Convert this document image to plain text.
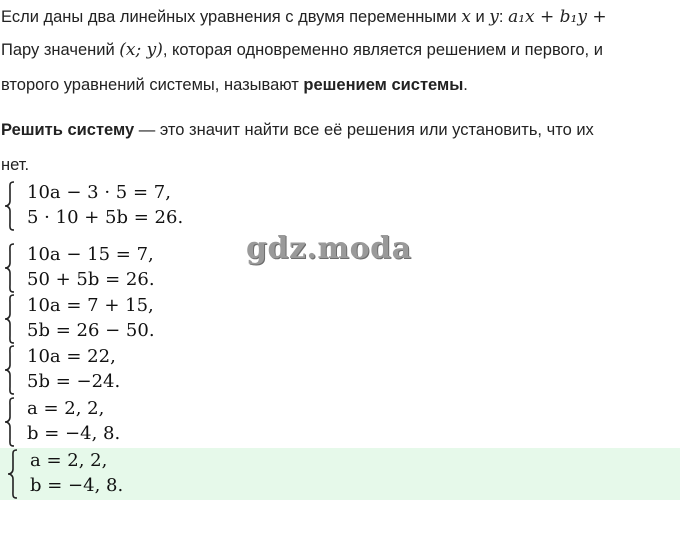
Если даны два линейных уравнения с двумя переменными x и y: a₁x + b₁y +
Пару значений (x; y), которая одновременно является решением и первого, и
второго уравнений системы, называют решением системы.
Решить систему — это значит найти все её решения или установить, что их
нет.
10a − 3 · 5 = 7,
5 · 10 + 5b = 26.
10a − 15 = 7,
50 + 5b = 26.
10a = 7 + 15,
5b = 26 − 50.
10a = 22,
5b = −24.
a = 2, 2,
b = −4, 8.
a = 2, 2,
b = −4, 8.
gdz.moda
